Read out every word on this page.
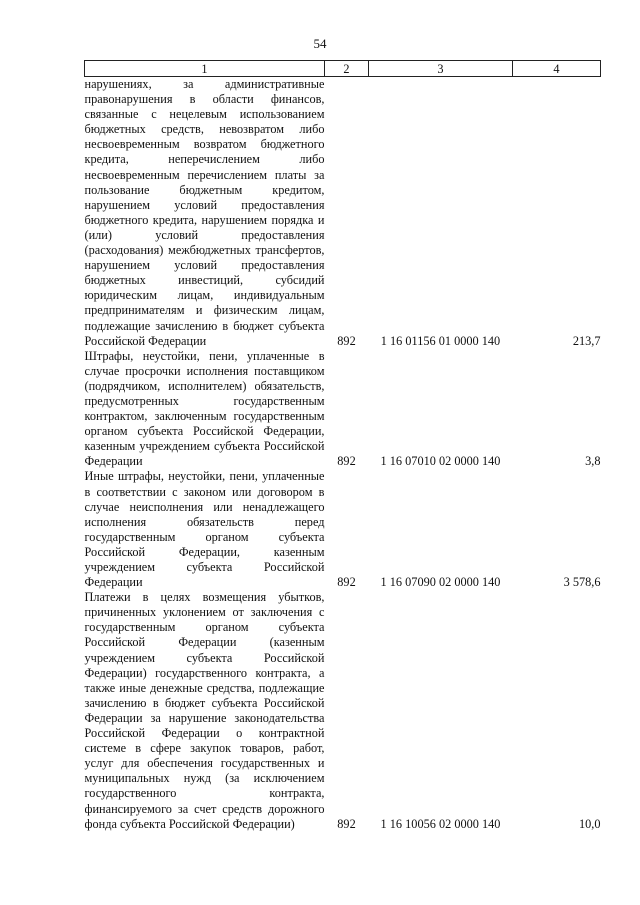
54
1	2	3	4
нарушениях, за административные правонарушения в области финансов, связанные с нецелевым использованием бюджетных средств, невозвратом либо несвоевременным возвратом бюджетного кредита, неперечислением либо несвоевременным перечислением платы за пользование бюджетным кредитом, нарушением условий предоставления бюджетного кредита, нарушением порядка и (или) условий предоставления (расходования) межбюджетных трансфертов, нарушением условий предоставления бюджетных инвестиций, субсидий юридическим лицам, индивидуальным предпринимателям и физическим лицам, подлежащие зачислению в бюджет субъекта Российской Федерации	892	1 16 01156 01 0000 140	213,7
Штрафы, неустойки, пени, уплаченные в случае просрочки исполнения поставщиком (подрядчиком, исполнителем) обязательств, предусмотренных государственным контрактом, заключенным государственным органом субъекта Российской Федерации, казенным учреждением субъекта Российской Федерации	892	1 16 07010 02 0000 140	3,8
Иные штрафы, неустойки, пени, уплаченные в соответствии с законом или договором в случае неисполнения или ненадлежащего исполнения обязательств перед государственным органом субъекта Российской Федерации, казенным учреждением субъекта Российской Федерации	892	1 16 07090 02 0000 140	3 578,6
Платежи в целях возмещения убытков, причиненных уклонением от заключения с государственным органом субъекта Российской Федерации (казенным учреждением субъекта Российской Федерации) государственного контракта, а также иные денежные средства, подлежащие зачислению в бюджет субъекта Российской Федерации за нарушение законодательства Российской Федерации о контрактной системе в сфере закупок товаров, работ, услуг для обеспечения государственных и муниципальных нужд (за исключением государственного контракта, финансируемого за счет средств дорожного фонда субъекта Российской Федерации)	892	1 16 10056 02 0000 140	10,0
